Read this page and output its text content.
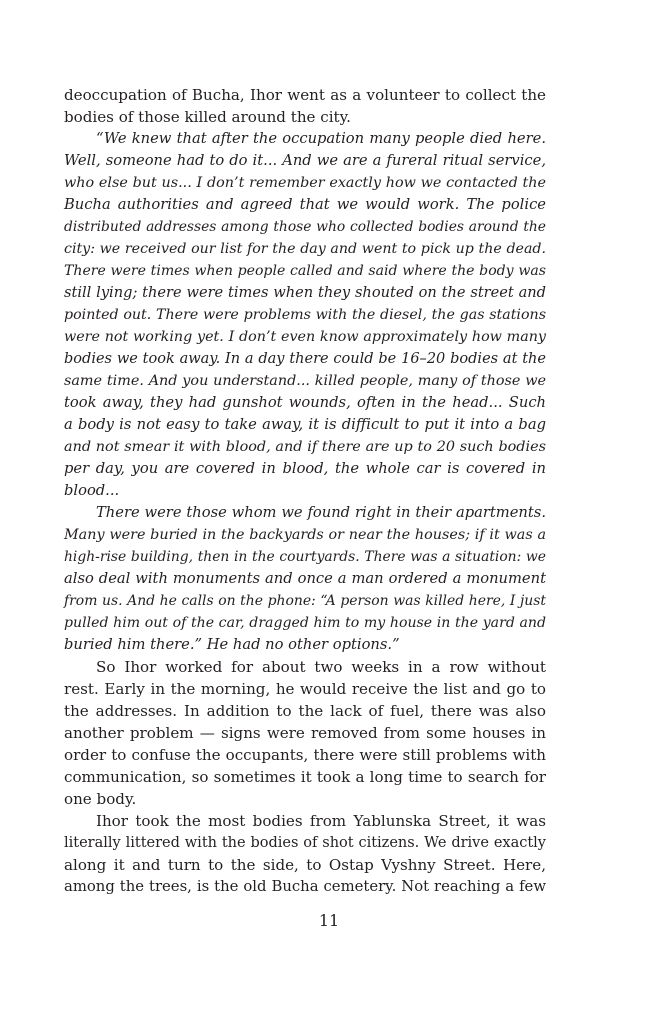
deoccupation of Bucha, Ihor went as a volunteer to collect the
bodies of those killed around the city.
“We knew that after the occupation many people died here.
Well, someone had to do it... And we are a fureral ritual service,
who else but us... I don’t remember exactly how we contacted the
Bucha authorities and agreed that we would work. The police
distributed addresses among those who collected bodies around the
city: we received our list for the day and went to pick up the dead.
There were times when people called and said where the body was
still lying; there were times when they shouted on the street and
pointed out. There were problems with the diesel, the gas stations
were not working yet. I don’t even know approximately how many
bodies we took away. In a day there could be 16–20 bodies at the
same time. And you understand... killed people, many of those we
took away, they had gunshot wounds, often in the head... Such
a body is not easy to take away, it is difficult to put it into a bag
and not smear it with blood, and if there are up to 20 such bodies
per day, you are covered in blood, the whole car is covered in
blood...
There were those whom we found right in their apartments.
Many were buried in the backyards or near the houses; if it was a
high-rise building, then in the courtyards. There was a situation: we
also deal with monuments and once a man ordered a monument
from us. And he calls on the phone: “A person was killed here, I just
pulled him out of the car, dragged him to my house in the yard and
buried him there.” He had no other options.”
So Ihor worked for about two weeks in a row without
rest. Early in the morning, he would receive the list and go to
the addresses. In addition to the lack of fuel, there was also
another problem — signs were removed from some houses in
order to confuse the occupants, there were still problems with
communication, so sometimes it took a long time to search for
one body.
Ihor took the most bodies from Yablunska Street, it was
literally littered with the bodies of shot citizens. We drive exactly
along it and turn to the side, to Ostap Vyshny Street. Here,
among the trees, is the old Bucha cemetery. Not reaching a few
11
